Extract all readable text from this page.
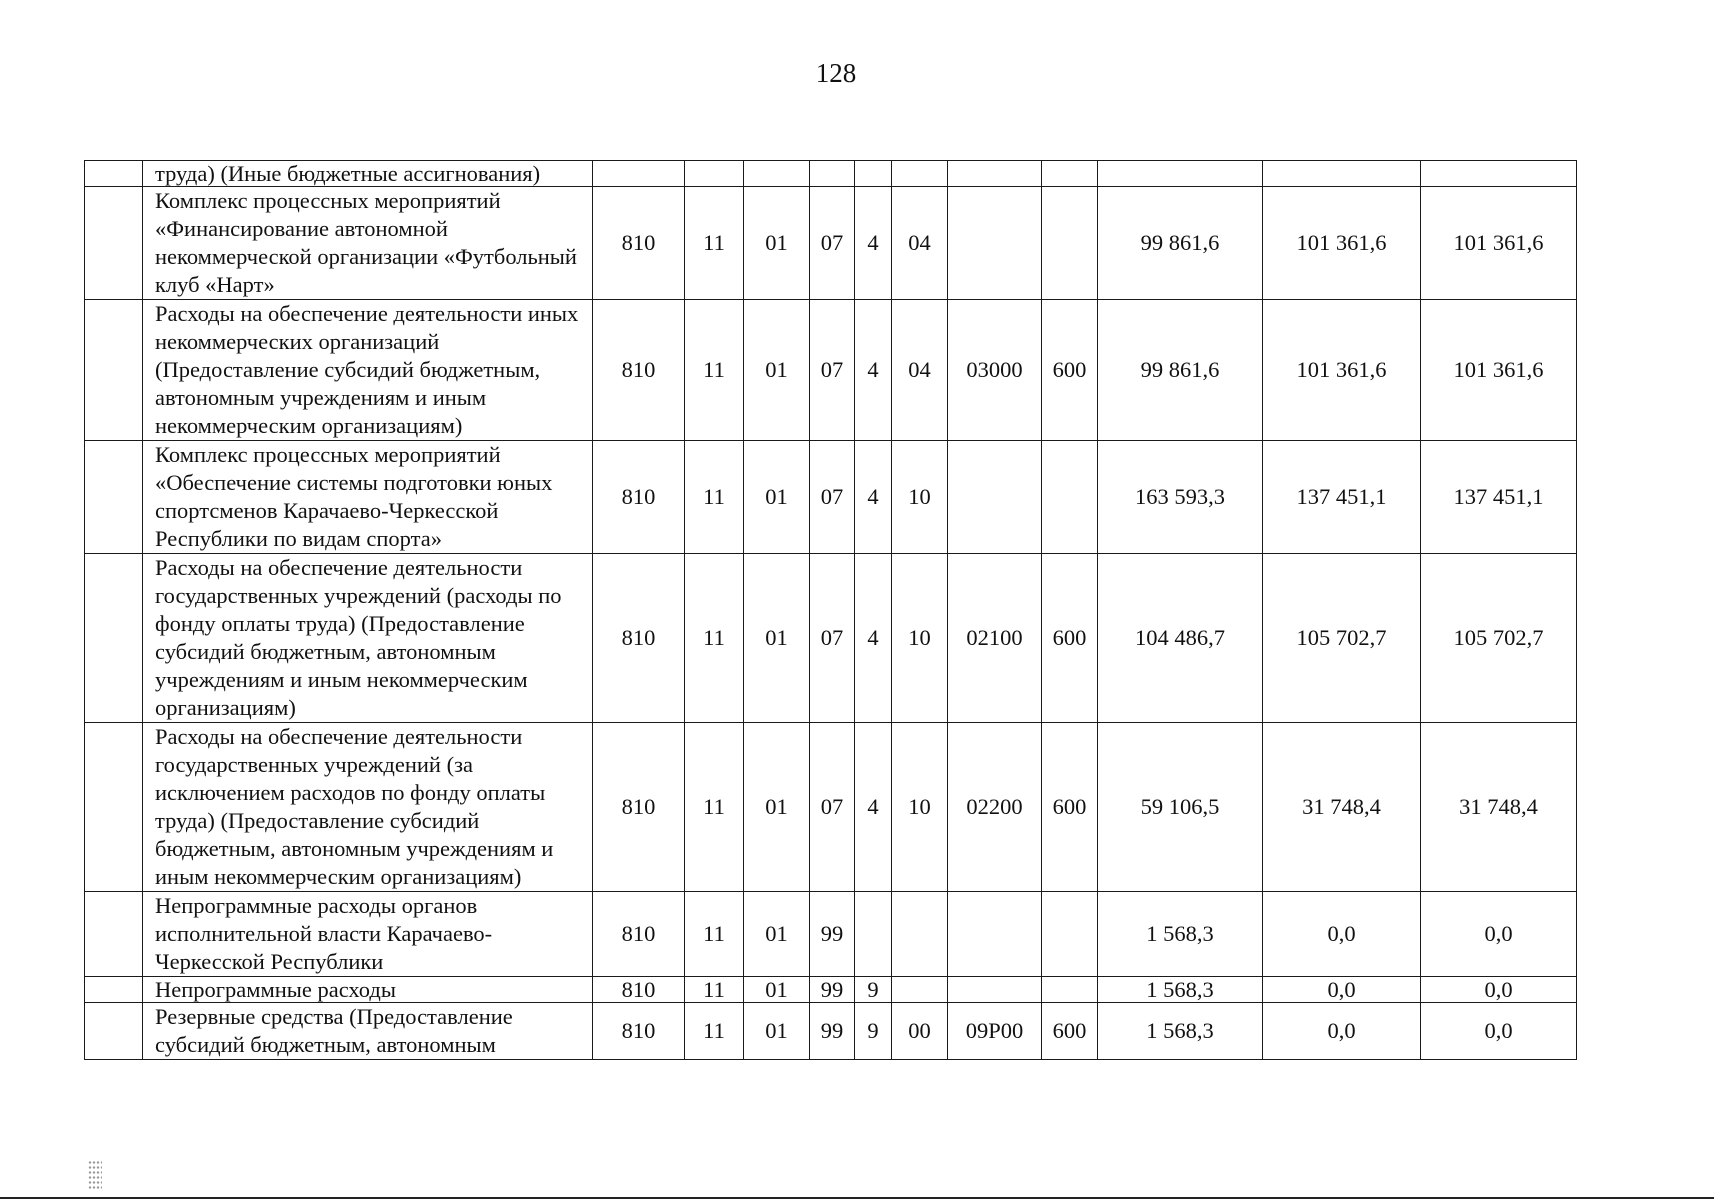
128
	труда) (Иные бюджетные ассигнования)											
	Комплекс процессных мероприятий «Финансирование автономной некоммерческой организации «Футбольный клуб «Нарт»	810	11	01	07	4	04			99 861,6	101 361,6	101 361,6
	Расходы на обеспечение деятельности иных некоммерческих организаций (Предоставление субсидий бюджетным, автономным учреждениям и иным некоммерческим организациям)	810	11	01	07	4	04	03000	600	99 861,6	101 361,6	101 361,6
	Комплекс процессных мероприятий «Обеспечение системы подготовки юных спортсменов Карачаево-Черкесской Республики по видам спорта»	810	11	01	07	4	10			163 593,3	137 451,1	137 451,1
	Расходы на обеспечение деятельности государственных учреждений (расходы по фонду оплаты труда) (Предоставление субсидий бюджетным, автономным учреждениям и иным некоммерческим организациям)	810	11	01	07	4	10	02100	600	104 486,7	105 702,7	105 702,7
	Расходы на обеспечение деятельности государственных учреждений (за исключением расходов по фонду оплаты труда) (Предоставление субсидий бюджетным, автономным учреждениям и иным некоммерческим организациям)	810	11	01	07	4	10	02200	600	59 106,5	31 748,4	31 748,4
	Непрограммные расходы органов исполнительной власти Карачаево-Черкесской Республики	810	11	01	99					1 568,3	0,0	0,0
	Непрограммные расходы	810	11	01	99	9				1 568,3	0,0	0,0
	Резервные средства (Предоставление субсидий бюджетным, автономным	810	11	01	99	9	00	09Р00	600	1 568,3	0,0	0,0
